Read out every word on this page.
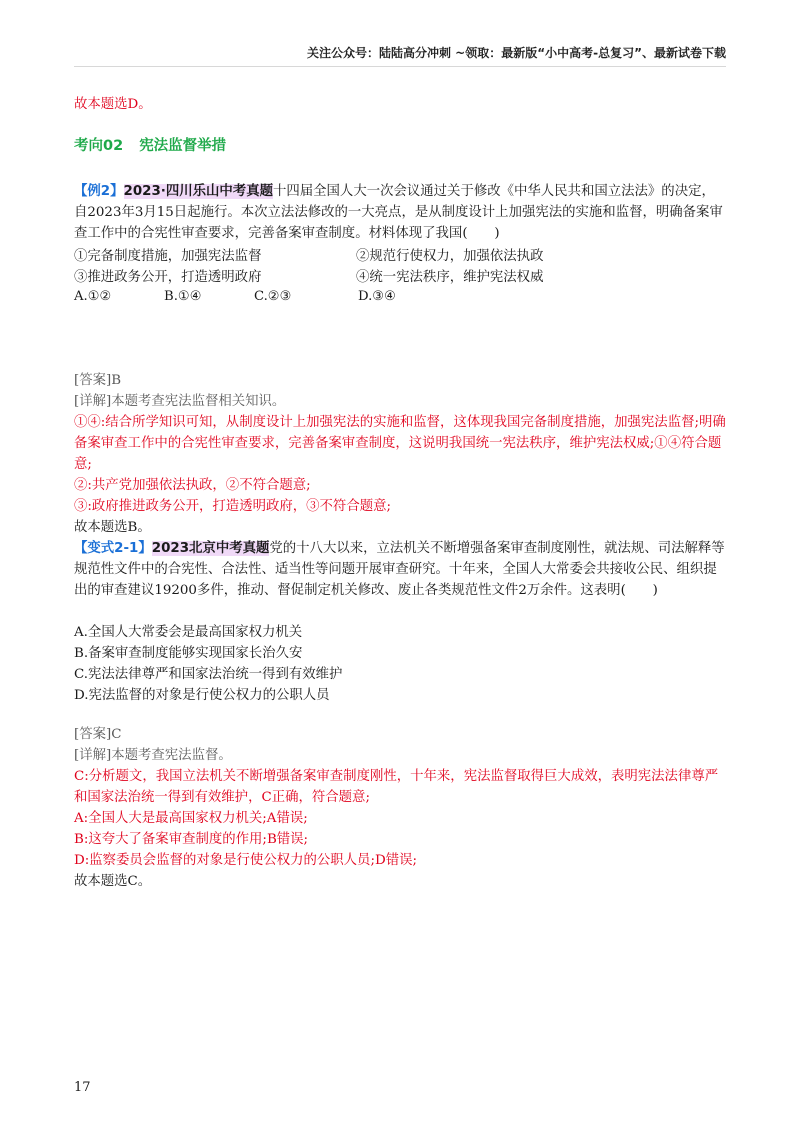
关注公众号：陆陆高分冲刺 ~领取：最新版“小中高考-总复习”、最新试卷下载
故本题选D。
考向02 宪法监督举措
【例2】2023·四川乐山中考真题十四届全国人大一次会议通过关于修改《中华人民共和国立法法》的决定，自2023年3月15日起施行。本次立法法修改的一大亮点，是从制度设计上加强宪法的实施和监督，明确备案审查工作中的合宪性审查要求，完善备案审查制度。材料体现了我国(　　)
①完备制度措施，加强宪法监督	②规范行使权力，加强依法执政
③推进政务公开，打造透明政府	④统一宪法秩序，维护宪法权威
A.①②	B.①④	C.②③	D.③④
[答案]B
[详解]本题考查宪法监督相关知识。
①④:结合所学知识可知，从制度设计上加强宪法的实施和监督，这体现我国完备制度措施，加强宪法监督;明确备案审查工作中的合宪性审查要求，完善备案审查制度，这说明我国统一宪法秩序，维护宪法权威;①④符合题意;
②:共产党加强依法执政，②不符合题意;
③:政府推进政务公开，打造透明政府，③不符合题意;
故本题选B。
【变式2-1】2023北京中考真题党的十八大以来，立法机关不断增强备案审查制度刚性，就法规、司法解释等规范性文件中的合宪性、合法性、适当性等问题开展审查研究。十年来，全国人大常委会共接收公民、组织提出的审查建议19200多件，推动、督促制定机关修改、废止各类规范性文件2万余件。这表明(　　)
A.全国人大常委会是最高国家权力机关
B.备案审查制度能够实现国家长治久安
C.宪法法律尊严和国家法治统一得到有效维护
D.宪法监督的对象是行使公权力的公职人员
[答案]C
[详解]本题考查宪法监督。
C:分析题文，我国立法机关不断增强备案审查制度刚性，十年来，宪法监督取得巨大成效，表明宪法法律尊严和国家法治统一得到有效维护，C正确，符合题意;
A:全国人大是最高国家权力机关;A错误;
B:这夸大了备案审查制度的作用;B错误;
D:监察委员会监督的对象是行使公权力的公职人员;D错误;
故本题选C。
17
